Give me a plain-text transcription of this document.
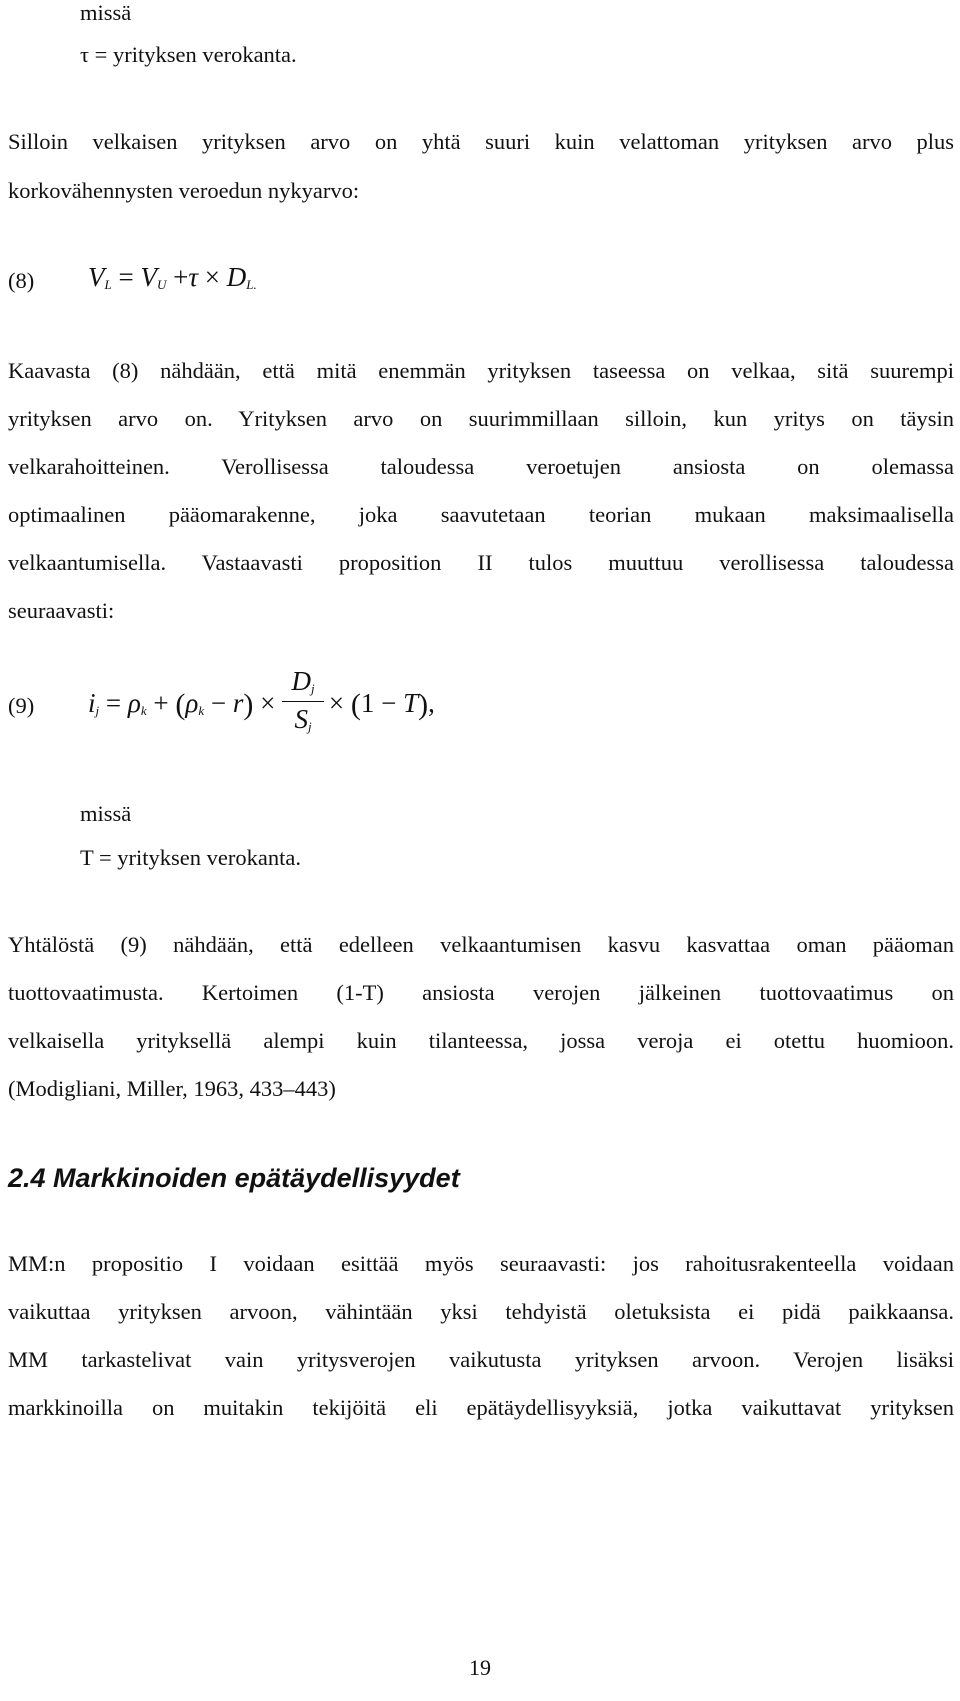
missä
τ = yrityksen verokanta.
Silloin velkaisen yrityksen arvo on yhtä suuri kuin velattoman yrityksen arvo plus
korkovähennysten veroedun nykyarvo:
(8) VL = VU +τ × DL.
Kaavasta (8) nähdään, että mitä enemmän yrityksen taseessa on velkaa, sitä suurempi
yrityksen arvo on. Yrityksen arvo on suurimmillaan silloin, kun yritys on täysin
velkarahoitteinen. Verollisessa taloudessa veroetujen ansiosta on olemassa
optimaalinen pääomarakenne, joka saavutetaan teorian mukaan maksimaalisella
velkaantumisella. Vastaavasti proposition II tulos muuttuu verollisessa taloudessa
seuraavasti:
(9) ij = ρk + (ρk − r) × × (1 − T),
Dj
Sj
missä
T = yrityksen verokanta.
Yhtälöstä (9) nähdään, että edelleen velkaantumisen kasvu kasvattaa oman pääoman
tuottovaatimusta. Kertoimen (1-T) ansiosta verojen jälkeinen tuottovaatimus on
velkaisella yrityksellä alempi kuin tilanteessa, jossa veroja ei otettu huomioon.
(Modigliani, Miller, 1963, 433–443)
2.4 Markkinoiden epätäydellisyydet
MM:n propositio I voidaan esittää myös seuraavasti: jos rahoitusrakenteella voidaan
vaikuttaa yrityksen arvoon, vähintään yksi tehdyistä oletuksista ei pidä paikkaansa.
MM tarkastelivat vain yritysverojen vaikutusta yrityksen arvoon. Verojen lisäksi
markkinoilla on muitakin tekijöitä eli epätäydellisyyksiä, jotka vaikuttavat yrityksen
19
